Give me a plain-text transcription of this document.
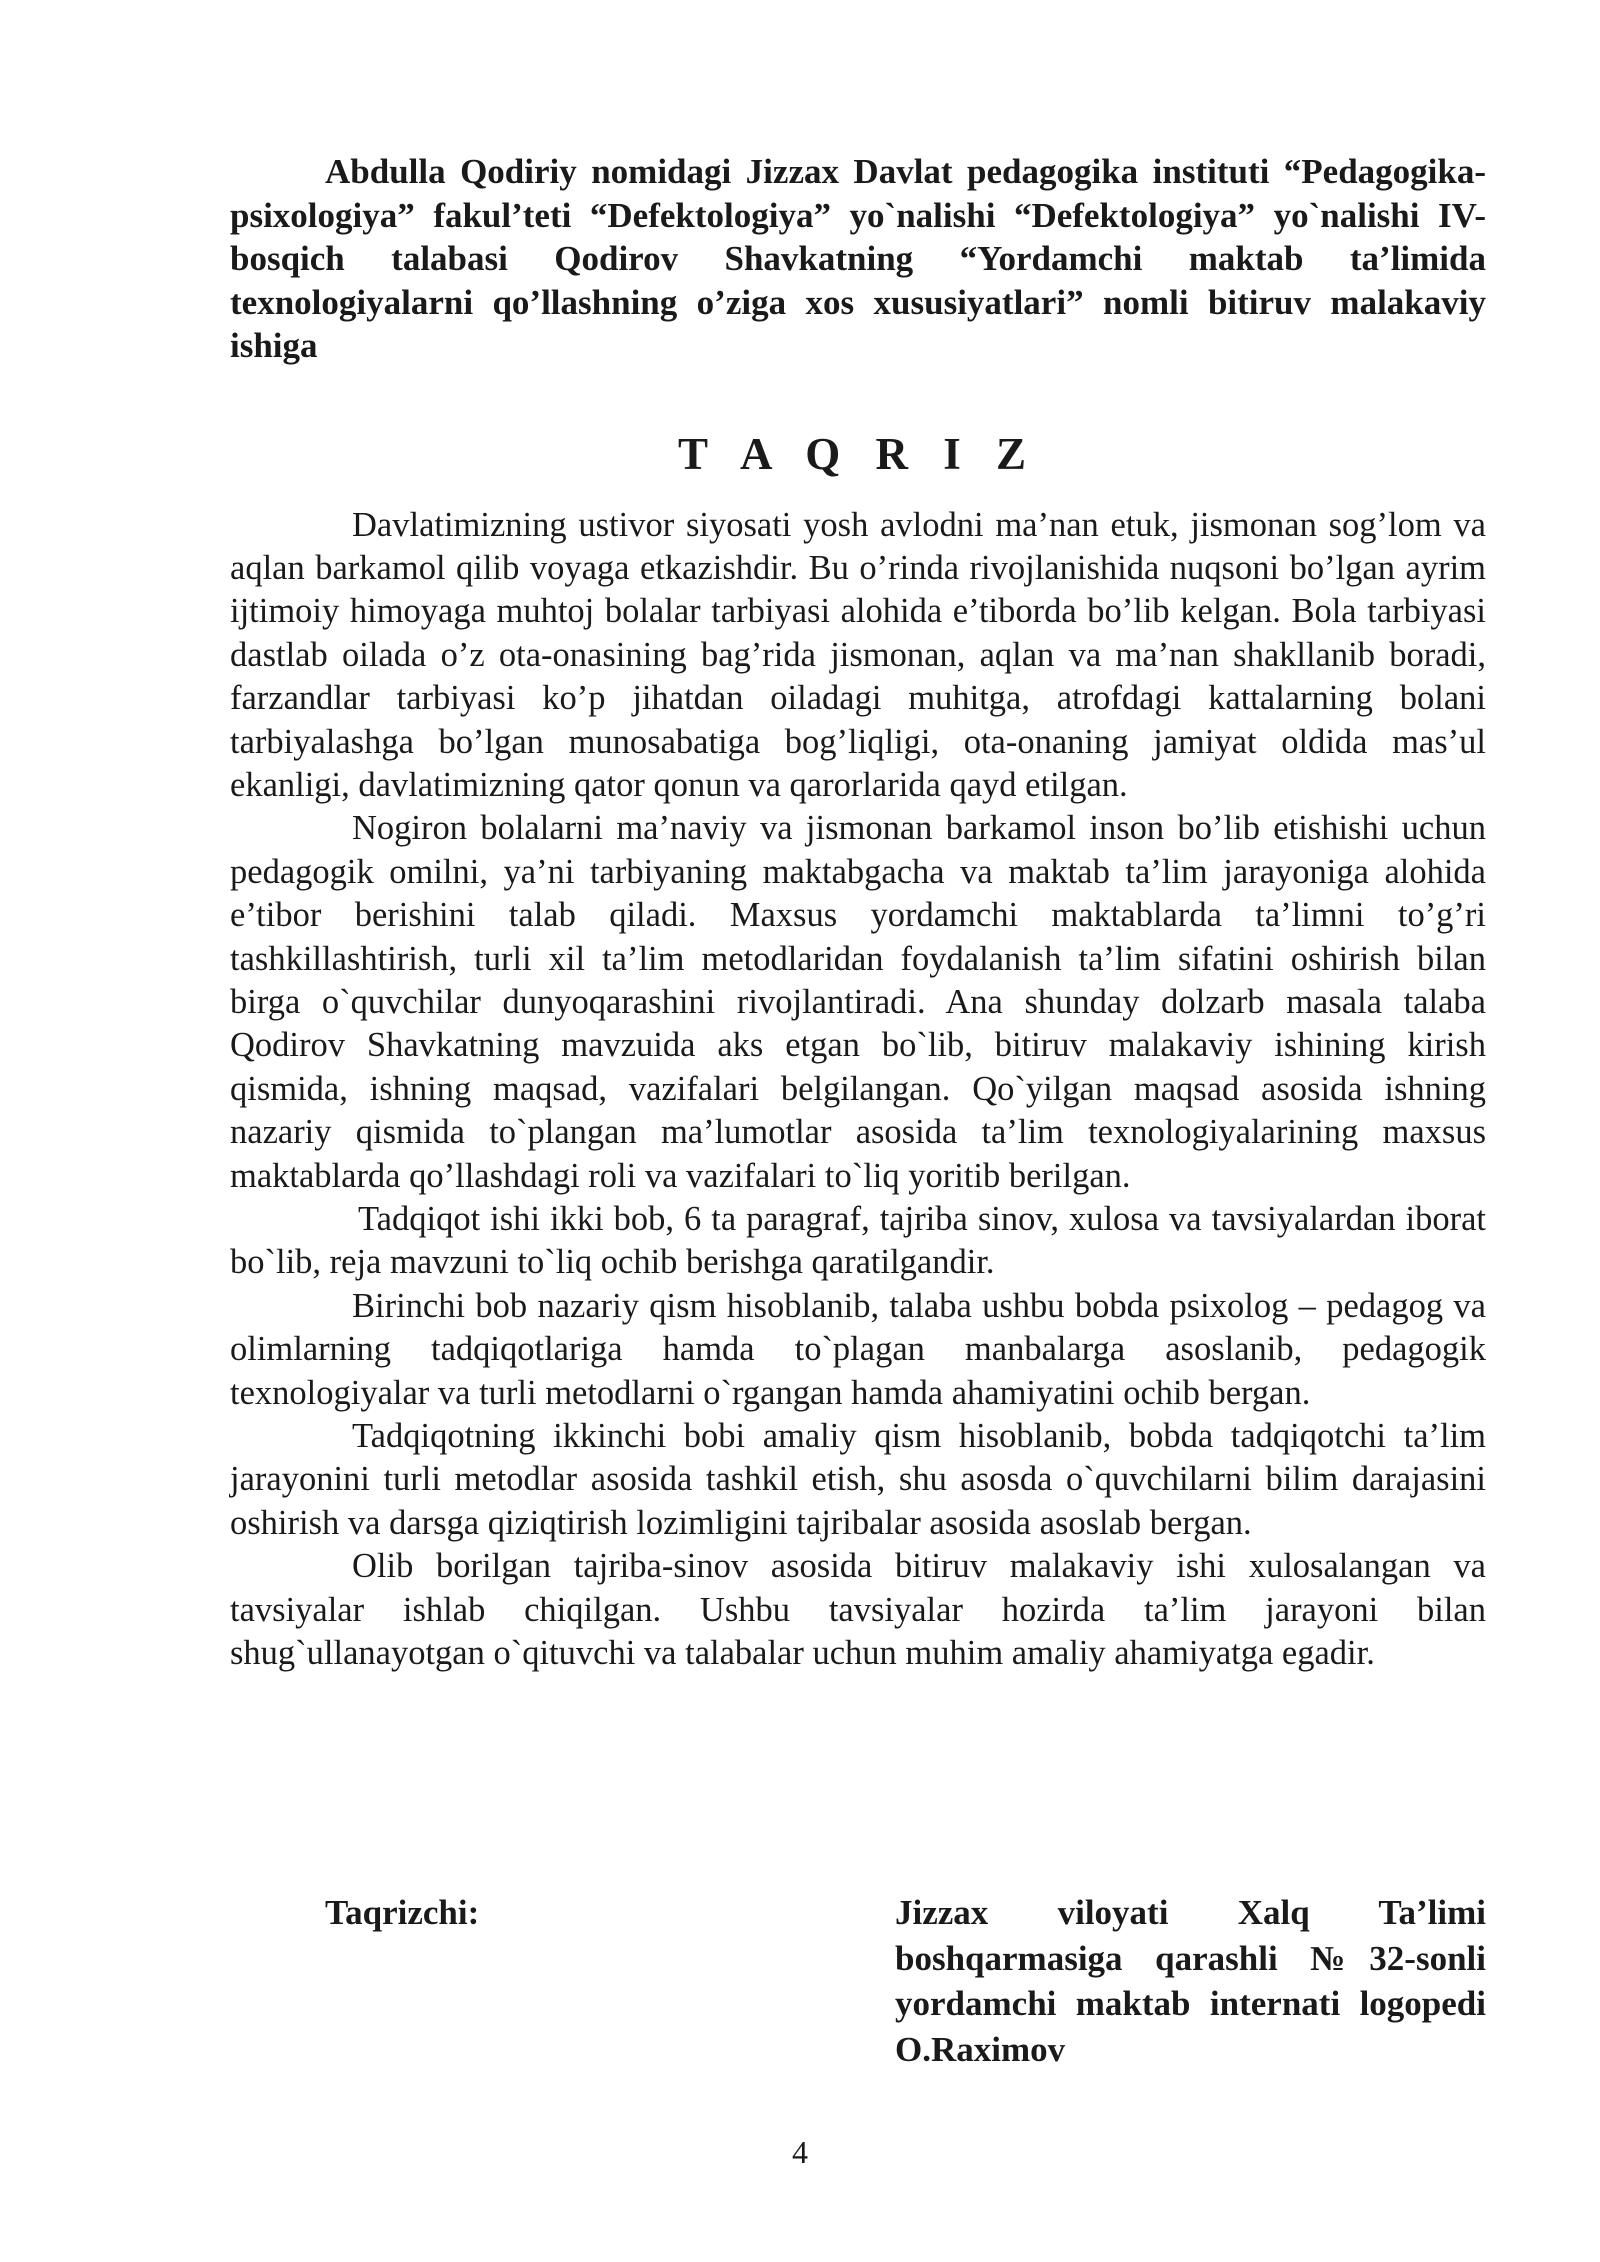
Abdulla Qodiriy nomidagi Jizzax Davlat pedagogika instituti “Pedagogika-psixologiya” fakul’teti “Defektologiya” yo`nalishi “Defektologiya” yo`nalishi IV-bosqich talabasi Qodirov Shavkatning “Yordamchi maktab ta’limida texnologiyalarni qo’llashning o’ziga xos xususiyatlari” nomli bitiruv malakaviy ishiga

T A Q R I Z

Davlatimizning ustivor siyosati yosh avlodni ma’nan etuk, jismonan sog’lom va aqlan barkamol qilib voyaga etkazishdir. Bu o’rinda rivojlanishida nuqsoni bo’lgan ayrim ijtimoiy himoyaga muhtoj bolalar tarbiyasi alohida e’tiborda bo’lib kelgan. Bola tarbiyasi dastlab oilada o’z ota-onasining bag’rida jismonan, aqlan va ma’nan shakllanib boradi, farzandlar tarbiyasi ko’p jihatdan oiladagi muhitga, atrofdagi kattalarning bolani tarbiyalashga bo’lgan munosabatiga bog’liqligi, ota-onaning jamiyat oldida mas’ul ekanligi, davlatimizning qator qonun va qarorlarida qayd etilgan.

Nogiron bolalarni ma’naviy va jismonan barkamol inson bo’lib etishishi uchun pedagogik omilni, ya’ni tarbiyaning maktabgacha va maktab ta’lim jarayoniga alohida e’tibor berishini talab qiladi. Maxsus yordamchi maktablarda ta’limni to’g’ri tashkillashtirish, turli xil ta’lim metodlaridan foydalanish ta’lim sifatini oshirish bilan birga o`quvchilar dunyoqarashini rivojlantiradi. Ana shunday dolzarb masala talaba Qodirov Shavkatning mavzuida aks etgan bo`lib, bitiruv malakaviy ishining kirish qismida, ishning maqsad, vazifalari belgilangan. Qo`yilgan maqsad asosida ishning nazariy qismida to`plangan ma’lumotlar asosida ta’lim texnologiyalarining maxsus maktablarda qo’llashdagi roli va vazifalari to`liq yoritib berilgan.

Tadqiqot ishi ikki bob, 6 ta paragraf, tajriba sinov, xulosa va tavsiyalardan iborat bo`lib, reja mavzuni to`liq ochib berishga qaratilgandir.

Birinchi bob nazariy qism hisoblanib, talaba ushbu bobda psixolog – pedagog va olimlarning tadqiqotlariga hamda to`plagan manbalarga asoslanib, pedagogik texnologiyalar va turli metodlarni o`rgangan hamda ahamiyatini ochib bergan.

Tadqiqotning ikkinchi bobi amaliy qism hisoblanib, bobda tadqiqotchi ta’lim jarayonini turli metodlar asosida tashkil etish, shu asosda o`quvchilarni bilim darajasini oshirish va darsga qiziqtirish lozimligini tajribalar asosida asoslab bergan.

Olib borilgan tajriba-sinov asosida bitiruv malakaviy ishi xulosalangan va tavsiyalar ishlab chiqilgan. Ushbu tavsiyalar hozirda ta’lim jarayoni bilan shug`ullanayotgan o`qituvchi va talabalar uchun muhim amaliy ahamiyatga egadir.

Taqrizchi:	Jizzax viloyati Xalq Ta’limi boshqarmasiga qarashli №32-sonli yordamchi maktab internati logopedi O.Raximov
4
